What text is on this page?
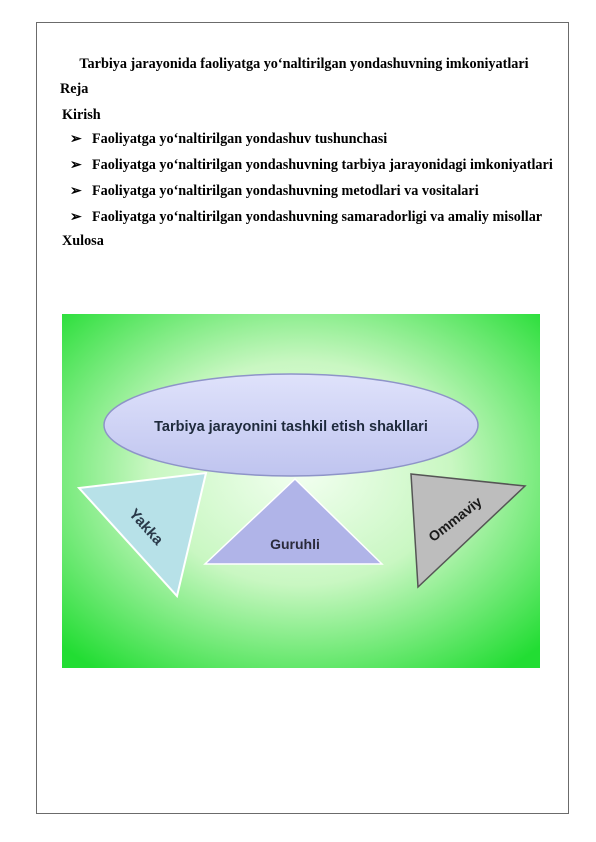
Tarbiya jarayonida faoliyatga yo‘naltirilgan yondashuvning imkoniyatlari
Reja
Kirish
➢ Faoliyatga yo‘naltirilgan yondashuv tushunchasi
➢ Faoliyatga yo‘naltirilgan yondashuvning tarbiya jarayonidagi imkoniyatlari
➢ Faoliyatga yo‘naltirilgan yondashuvning metodlari va vositalari
➢ Faoliyatga yo‘naltirilgan yondashuvning samaradorligi va amaliy misollar
Xulosa
Yakka	Guruhli	Ommaviy
Tarbiya jarayonini tashkil etish shakllari
